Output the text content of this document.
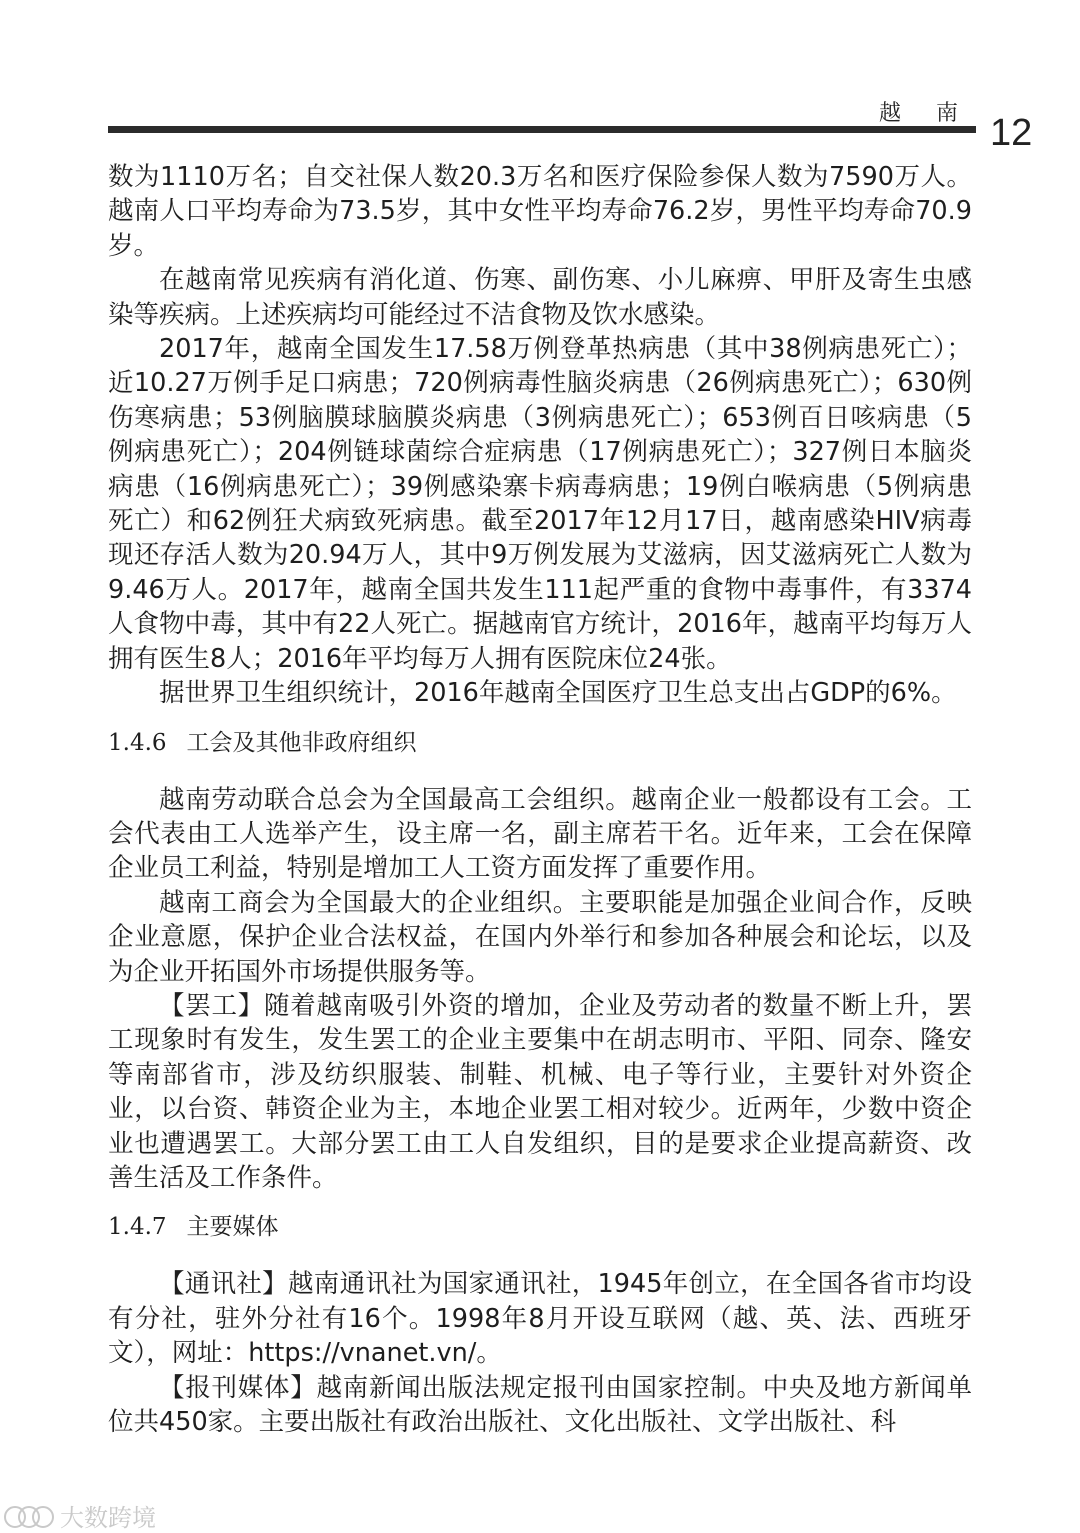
越 南 12

数为1110万名；自交社保人数20.3万名和医疗保险参保人数为7590万人。越南人口平均寿命为73.5岁，其中女性平均寿命76.2岁，男性平均寿命70.9岁。

在越南常见疾病有消化道、伤寒、副伤寒、小儿麻痹、甲肝及寄生虫感染等疾病。上述疾病均可能经过不洁食物及饮水感染。

2017年，越南全国发生17.58万例登革热病患（其中38例病患死亡）；近10.27万例手足口病患；720例病毒性脑炎病患（26例病患死亡）；630例伤寒病患；53例脑膜球脑膜炎病患（3例病患死亡）；653例百日咳病患（5例病患死亡）；204例链球菌综合症病患（17例病患死亡）；327例日本脑炎病患（16例病患死亡）；39例感染寨卡病毒病患；19例白喉病患（5例病患死亡）和62例狂犬病致死病患。截至2017年12月17日，越南感染HIV病毒现还存活人数为20.94万人，其中9万例发展为艾滋病，因艾滋病死亡人数为9.46万人。2017年，越南全国共发生111起严重的食物中毒事件，有3374人食物中毒，其中有22人死亡。据越南官方统计，2016年，越南平均每万人拥有医生8人；2016年平均每万人拥有医院床位24张。

据世界卫生组织统计，2016年越南全国医疗卫生总支出占GDP的6%。

1.4.6 工会及其他非政府组织

越南劳动联合总会为全国最高工会组织。越南企业一般都设有工会。工会代表由工人选举产生，设主席一名，副主席若干名。近年来，工会在保障企业员工利益，特别是增加工人工资方面发挥了重要作用。

越南工商会为全国最大的企业组织。主要职能是加强企业间合作，反映企业意愿，保护企业合法权益，在国内外举行和参加各种展会和论坛，以及为企业开拓国外市场提供服务等。

【罢工】随着越南吸引外资的增加，企业及劳动者的数量不断上升，罢工现象时有发生，发生罢工的企业主要集中在胡志明市、平阳、同奈、隆安等南部省市，涉及纺织服装、制鞋、机械、电子等行业，主要针对外资企业，以台资、韩资企业为主，本地企业罢工相对较少。近两年，少数中资企业也遭遇罢工。大部分罢工由工人自发组织，目的是要求企业提高薪资、改善生活及工作条件。

1.4.7 主要媒体

【通讯社】越南通讯社为国家通讯社，1945年创立，在全国各省市均设有分社，驻外分社有16个。1998年8月开设互联网（越、英、法、西班牙文），网址：https://vnanet.vn/。

【报刊媒体】越南新闻出版法规定报刊由国家控制。中央及地方新闻单位共450家。主要出版社有政治出版社、文化出版社、文学出版社、科

大数跨境
